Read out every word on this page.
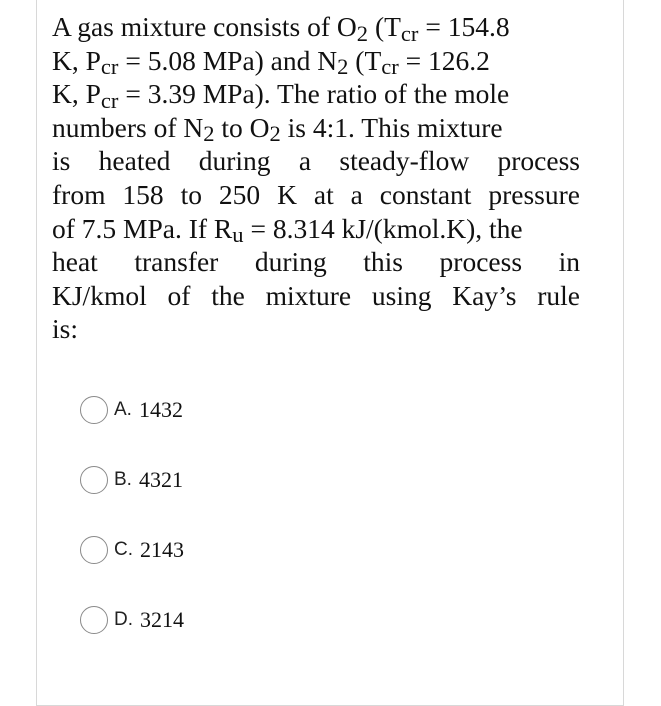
A gas mixture consists of O2 (Tcr = 154.8
K, Pcr = 5.08 MPa) and N2 (Tcr = 126.2
K, Pcr = 3.39 MPa). The ratio of the mole
numbers of N2 to O2 is 4:1. This mixture
is heated during a steady-flow process
from 158 to 250 K at a constant pressure
of 7.5 MPa. If Ru = 8.314 kJ/(kmol.K), the
heat transfer during this process in
KJ/kmol of the mixture using Kay’s rule
is:
A. 1432
B. 4321
C. 2143
D. 3214
